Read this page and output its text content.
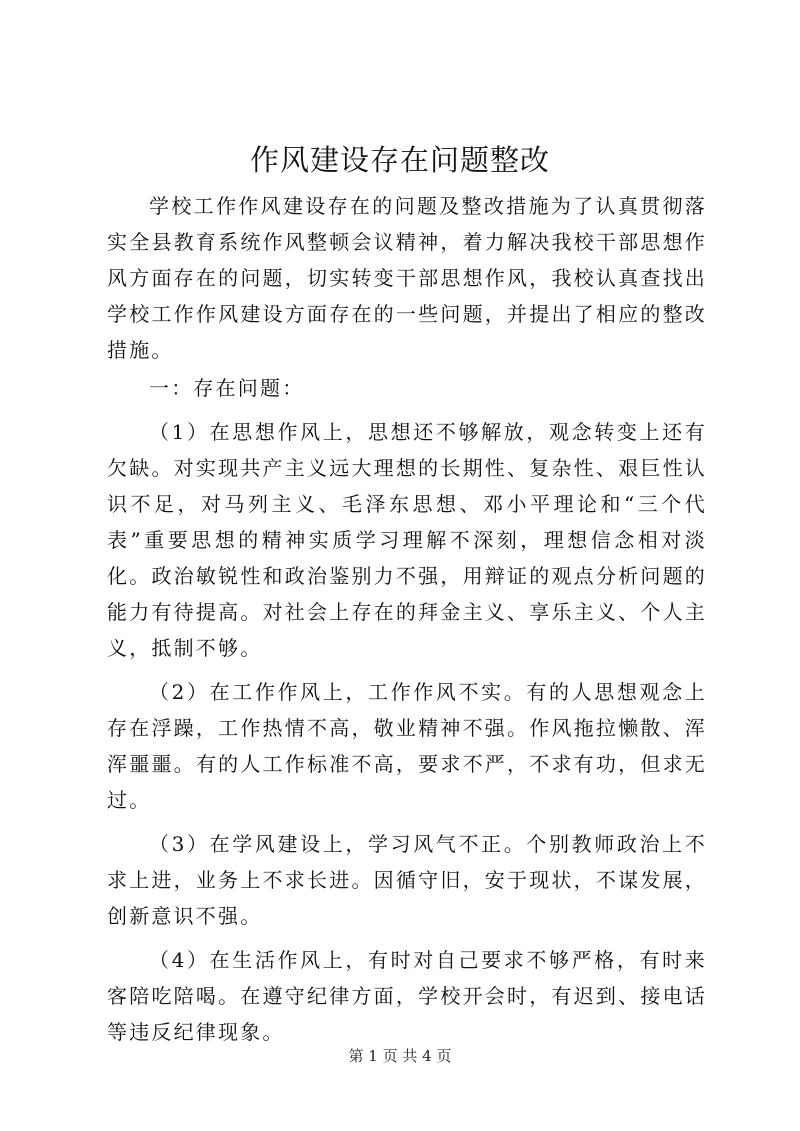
作风建设存在问题整改

学校工作作风建设存在的问题及整改措施为了认真贯彻落实全县教育系统作风整顿会议精神，着力解决我校干部思想作风方面存在的问题，切实转变干部思想作风，我校认真查找出学校工作作风建设方面存在的一些问题，并提出了相应的整改措施。

一：存在问题：

（1）在思想作风上，思想还不够解放，观念转变上还有欠缺。对实现共产主义远大理想的长期性、复杂性、艰巨性认识不足，对马列主义、毛泽东思想、邓小平理论和“三个代表”重要思想的精神实质学习理解不深刻，理想信念相对淡化。政治敏锐性和政治鉴别力不强，用辩证的观点分析问题的能力有待提高。对社会上存在的拜金主义、享乐主义、个人主义，抵制不够。

（2）在工作作风上，工作作风不实。有的人思想观念上存在浮躁，工作热情不高，敬业精神不强。作风拖拉懒散、浑浑噩噩。有的人工作标准不高，要求不严，不求有功，但求无过。

（3）在学风建设上，学习风气不正。个别教师政治上不求上进，业务上不求长进。因循守旧，安于现状，不谋发展，创新意识不强。

（4）在生活作风上，有时对自己要求不够严格，有时来客陪吃陪喝。在遵守纪律方面，学校开会时，有迟到、接电话等违反纪律现象。

第 1 页 共 4 页
